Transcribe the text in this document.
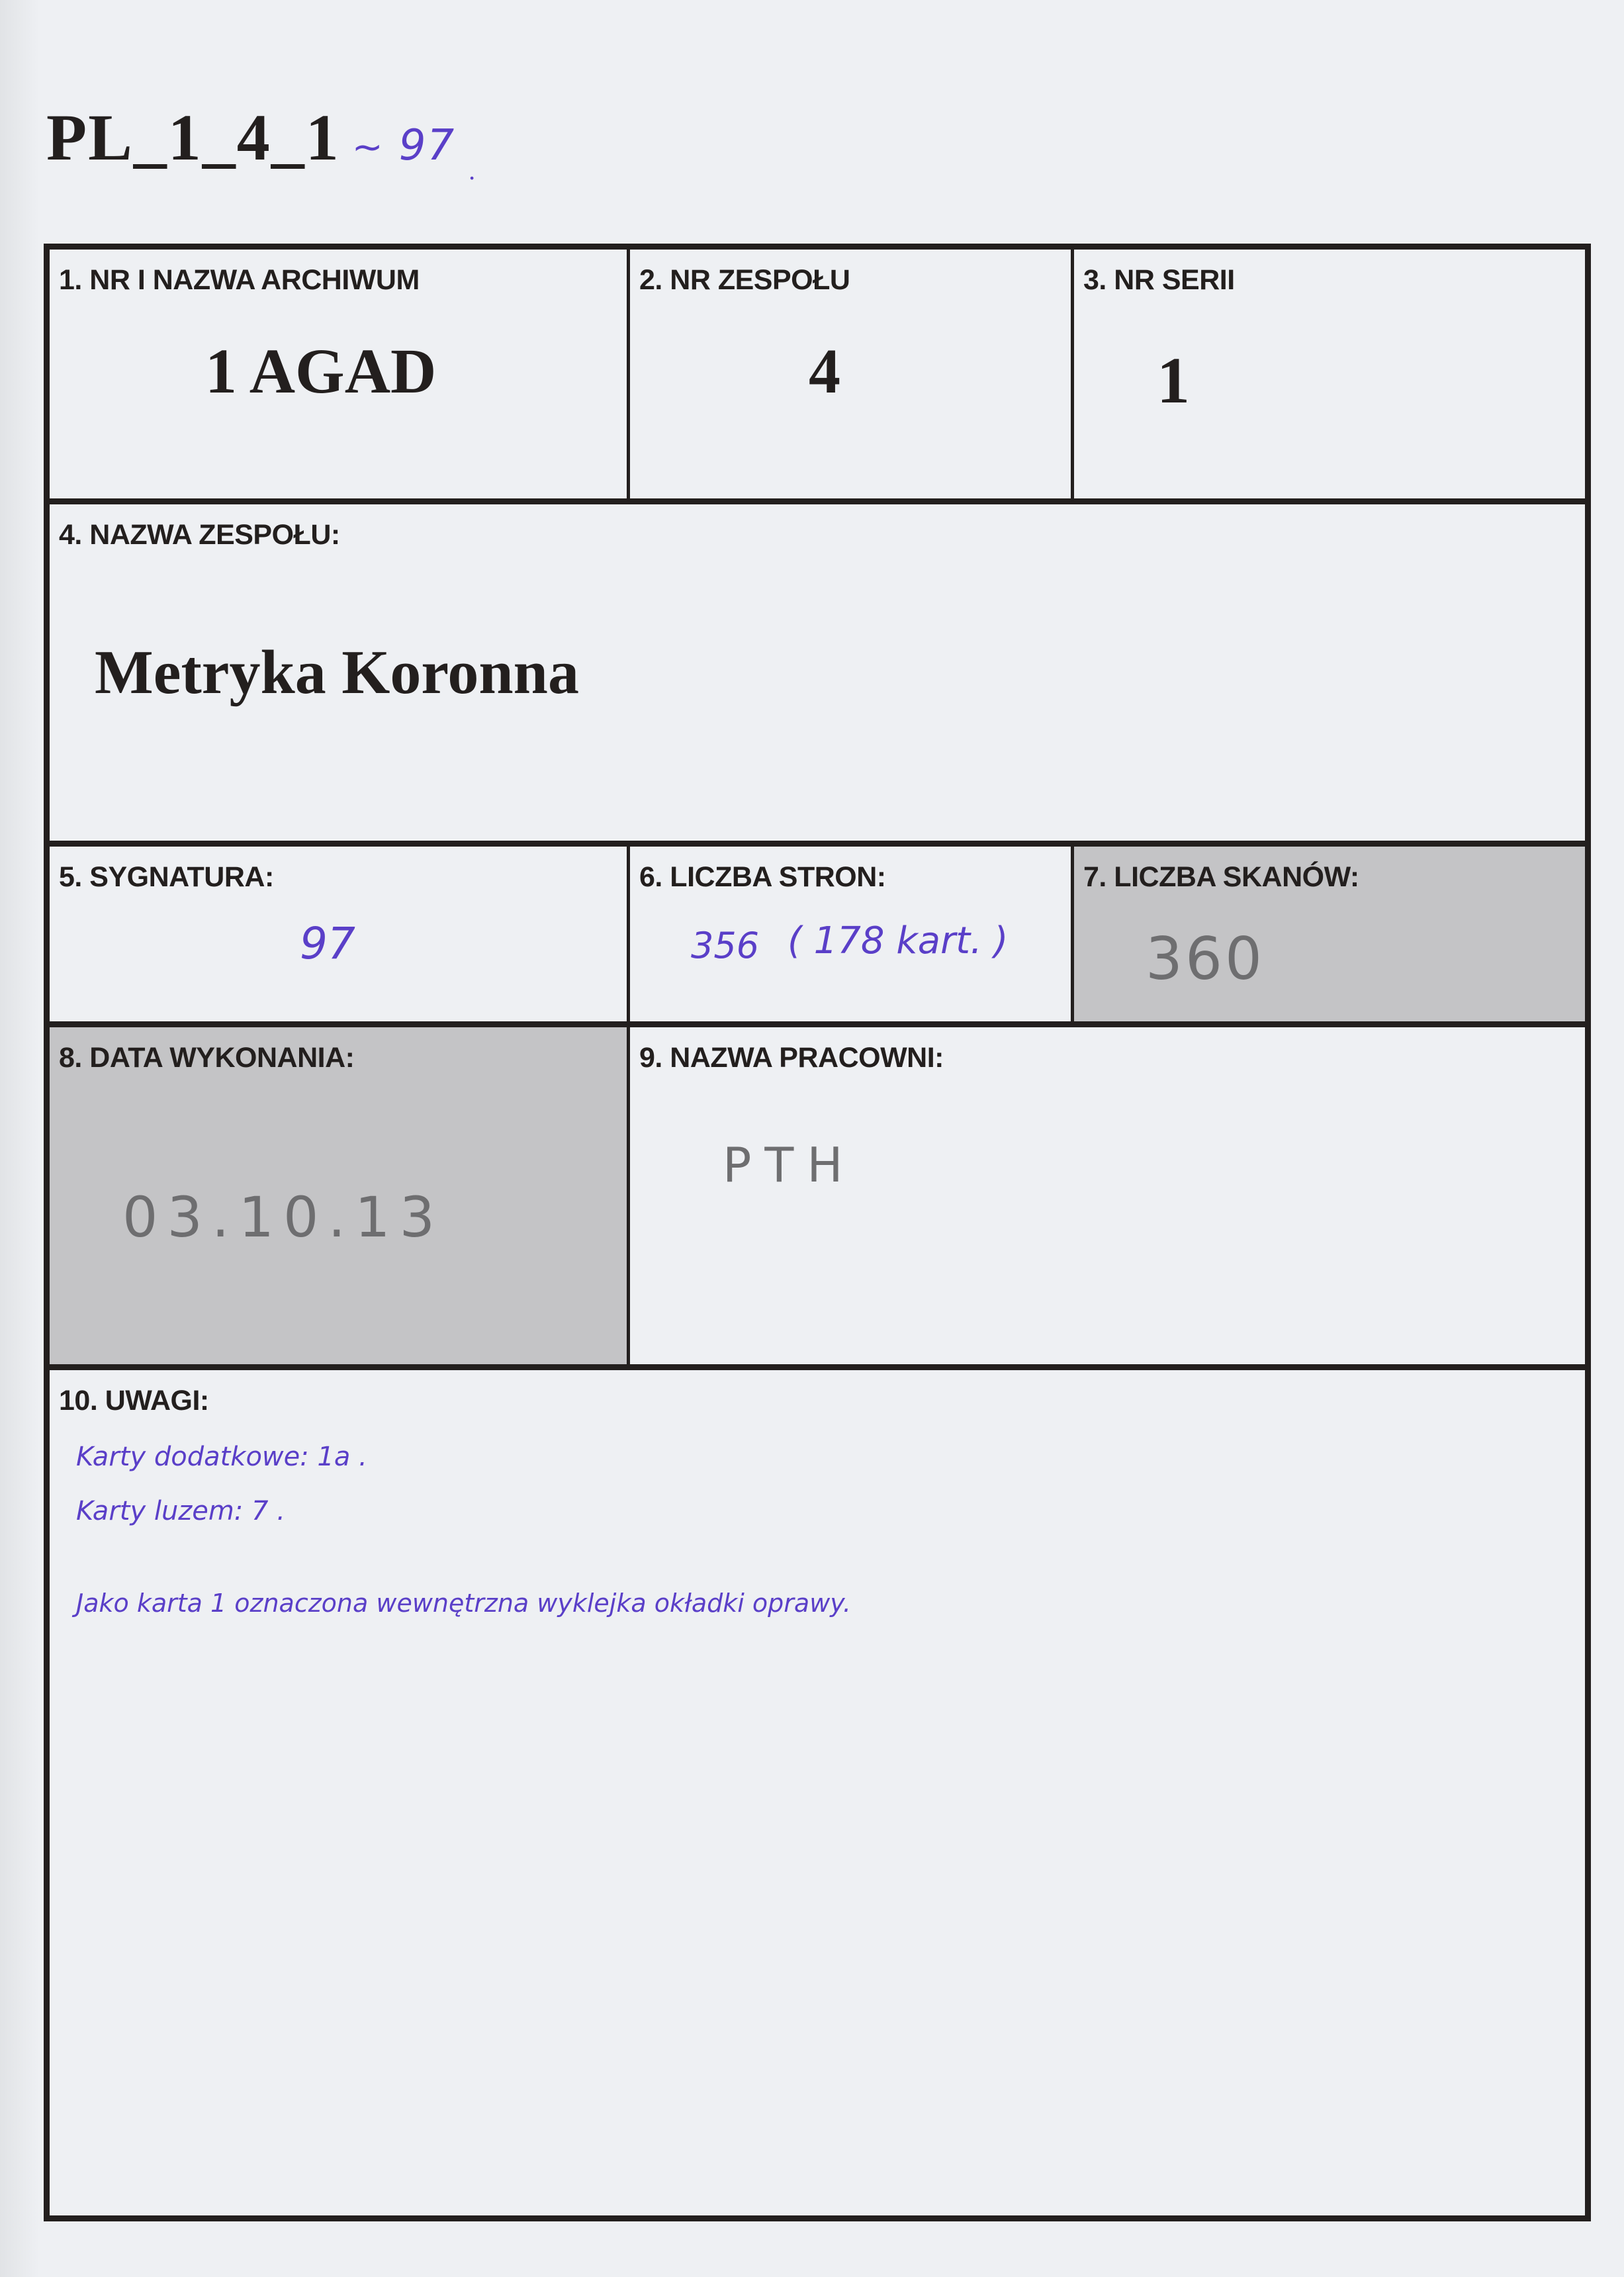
PL_1_4_1 ~ 97
.
1. NR I NAZWA ARCHIWUM
1 AGAD
2. NR ZESPOŁU
4
3. NR SERII
1
4. NAZWA ZESPOŁU:
Metryka Koronna
5. SYGNATURA:
97
6. LICZBA STRON:
356 ( 178 kart. )
7. LICZBA SKANÓW:
360
8. DATA WYKONANIA:
03.10.13
9. NAZWA PRACOWNI:
PTH
10. UWAGI:
Karty dodatkowe: 1a .
Karty luzem: 7 .
Jako karta 1 oznaczona wewnętrzna wyklejka okładki oprawy.
